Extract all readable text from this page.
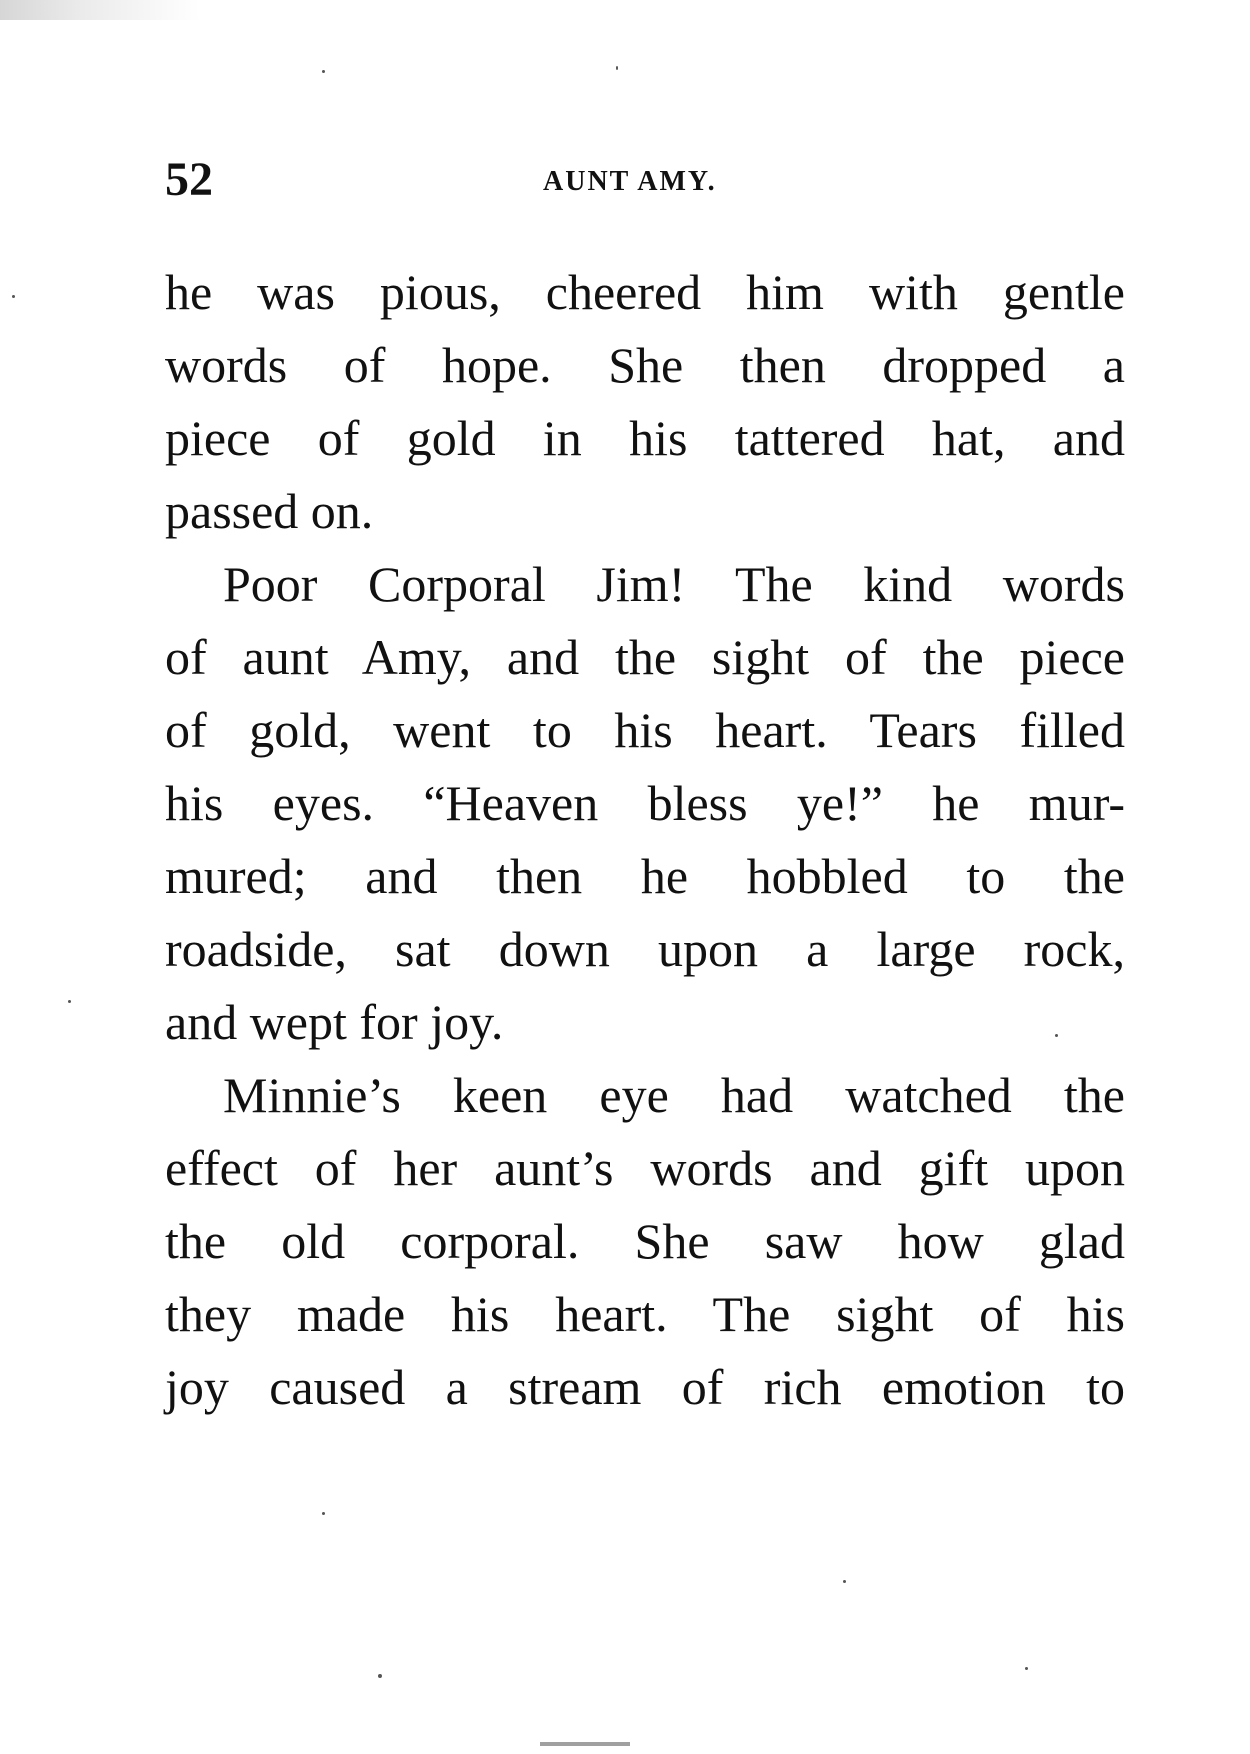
52	AUNT AMY.
he was pious, cheered him with gentle
words of hope. She then dropped a
piece of gold in his tattered hat, and
passed on.
Poor Corporal Jim! The kind words
of aunt Amy, and the sight of the piece
of gold, went to his heart. Tears filled
his eyes. “Heaven bless ye!” he mur-
mured; and then he hobbled to the
roadside, sat down upon a large rock,
and wept for joy.
Minnie’s keen eye had watched the
effect of her aunt’s words and gift upon
the old corporal. She saw how glad
they made his heart. The sight of his
joy caused a stream of rich emotion to
